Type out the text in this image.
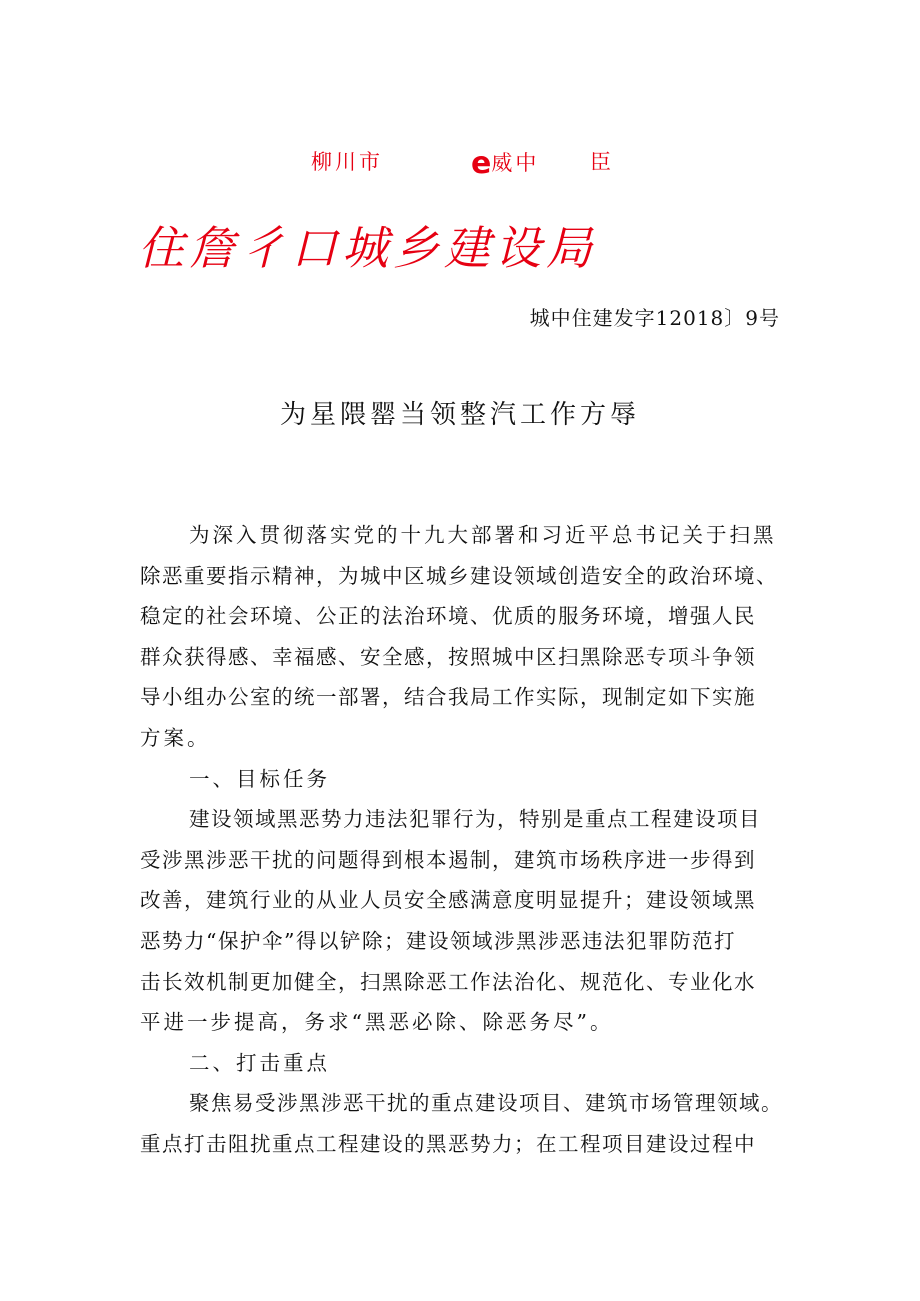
柳川市	e威中 臣
住詹彳口城乡建设局
城中住建发字12018〕9号
为星隈罂当领整汽工作方辱
为深入贯彻落实党的十九大部署和习近平总书记关于扫黑
除恶重要指示精神，为城中区城乡建设领域创造安全的政治环境、
稳定的社会环境、公正的法治环境、优质的服务环境，增强人民
群众获得感、幸福感、安全感，按照城中区扫黑除恶专项斗争领
导小组办公室的统一部署，结合我局工作实际，现制定如下实施
方案。
一、目标任务
建设领域黑恶势力违法犯罪行为，特别是重点工程建设项目
受涉黑涉恶干扰的问题得到根本遏制，建筑市场秩序进一步得到
改善，建筑行业的从业人员安全感满意度明显提升；建设领域黑
恶势力“保护伞”得以铲除；建设领域涉黑涉恶违法犯罪防范打
击长效机制更加健全，扫黑除恶工作法治化、规范化、专业化水
平进一步提高，务求“黑恶必除、除恶务尽”。
二、打击重点
聚焦易受涉黑涉恶干扰的重点建设项目、建筑市场管理领域。
重点打击阻扰重点工程建设的黑恶势力；在工程项目建设过程中
